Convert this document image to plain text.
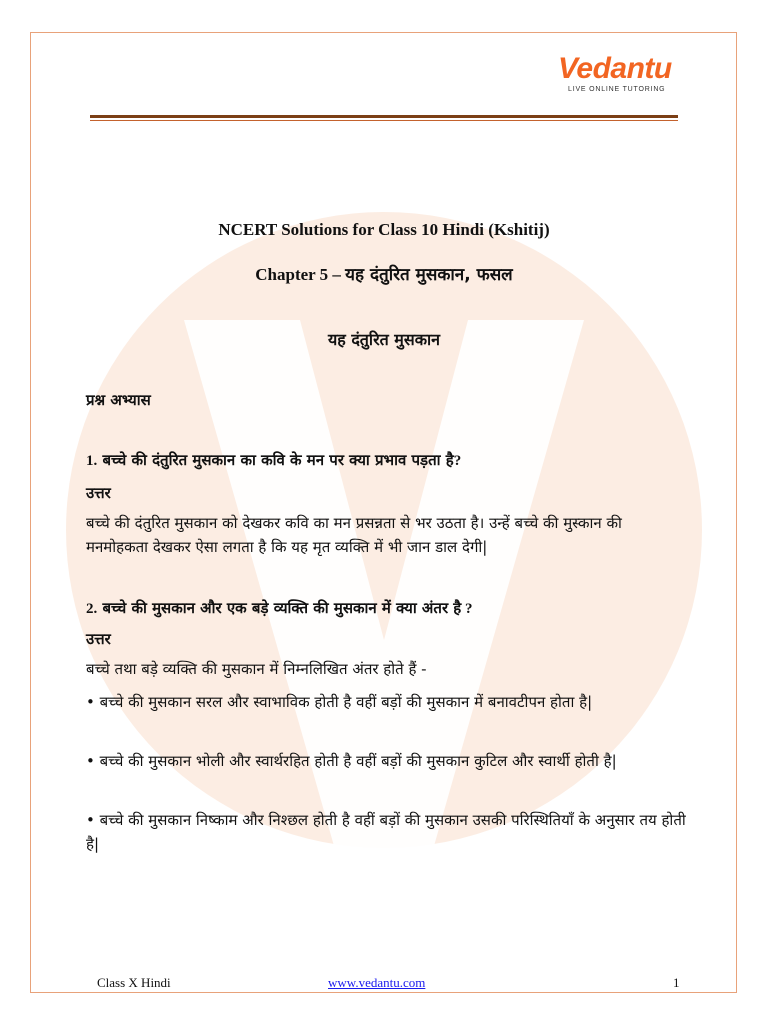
Vedantu
LIVE ONLINE TUTORING
NCERT Solutions for Class 10 Hindi (Kshitij)
Chapter 5 – यह दंतुरित मुसकान, फसल
यह दंतुरित मुसकान
प्रश्न अभ्यास
1. बच्चे की दंतुरित मुसकान का कवि के मन पर क्या प्रभाव पड़ता है?
उत्तर
बच्चे की दंतुरित मुसकान को देखकर कवि का मन प्रसन्नता से भर उठता है। उन्हें बच्चे की मुस्कान की मनमोहकता देखकर ऐसा लगता है कि यह मृत व्यक्ति में भी जान डाल देगी|
2. बच्चे की मुसकान और एक बड़े व्यक्ति की मुसकान में क्या अंतर है ?
उत्तर
बच्चे तथा बड़े व्यक्ति की मुसकान में निम्नलिखित अंतर होते हैं -
• बच्चे की मुसकान सरल और स्वाभाविक होती है वहीं बड़ों की मुसकान में बनावटीपन होता है|
• बच्चे की मुसकान भोली और स्वार्थरहित होती है वहीं बड़ों की मुसकान कुटिल और स्वार्थी होती है|
• बच्चे की मुसकान निष्काम और निश्छल होती है वहीं बड़ों की मुसकान उसकी परिस्थितियाँ के अनुसार तय होती है|
Class X Hindi	www.vedantu.com	1
